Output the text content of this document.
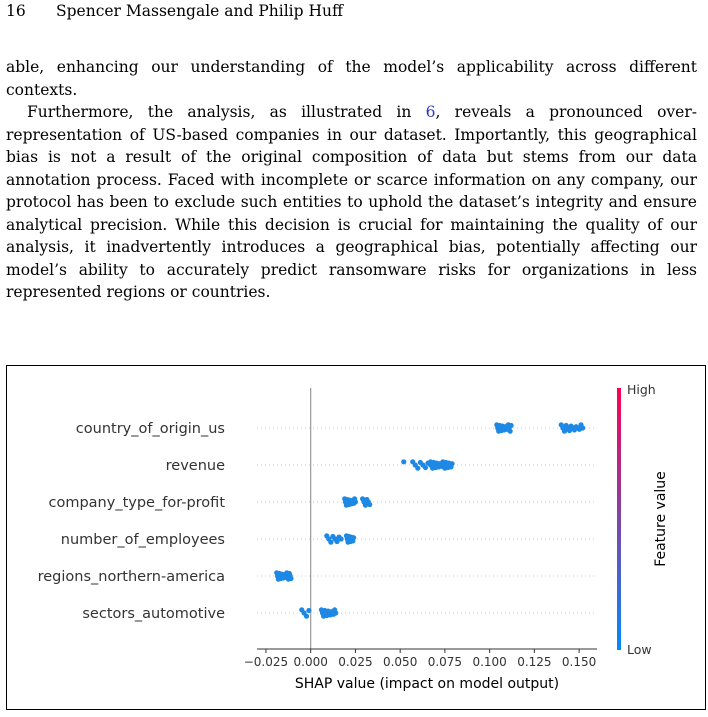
16 Spencer Massengale and Philip Huff

able, enhancing our understanding of the model’s applicability across different contexts.

Furthermore, the analysis, as illustrated in 6, reveals a pronounced over-representation of US-based companies in our dataset. Importantly, this geographical bias is not a result of the original composition of data but stems from our data annotation process. Faced with incomplete or scarce information on any company, our protocol has been to exclude such entities to uphold the dataset’s integrity and ensure analytical precision. While this decision is crucial for maintaining the quality of our analysis, it inadvertently introduces a geographical bias, potentially affecting our model’s ability to accurately predict ransomware risks for organizations in less represented regions or countries.

country_of_origin_us
revenue
company_type_for-profit
number_of_employees
regions_northern-america
sectors_automotive
−0.025 0.000 0.025 0.050 0.075 0.100 0.125 0.150
SHAP value (impact on model output)
High
Low
Feature value
